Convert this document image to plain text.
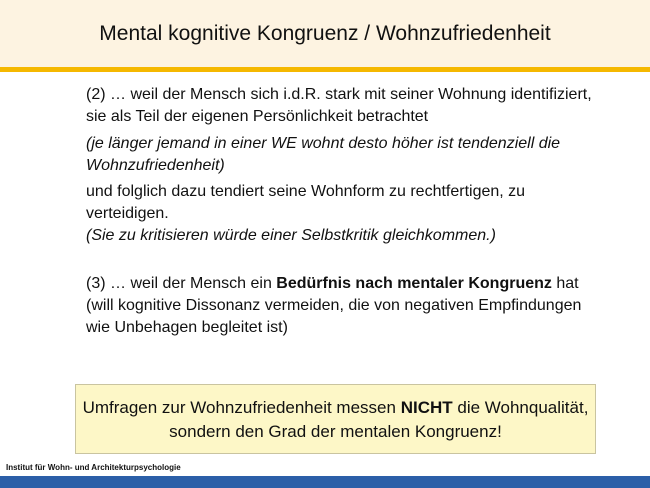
Mental kognitive Kongruenz / Wohnzufriedenheit

(2) … weil der Mensch sich i.d.R. stark mit seiner Wohnung identifiziert, sie als Teil der eigenen Persönlichkeit betrachtet

(je länger jemand in einer WE wohnt desto höher ist tendenziell die Wohnzufriedenheit)

und folglich dazu tendiert seine Wohnform zu rechtfertigen, zu verteidigen.

(Sie zu kritisieren würde einer Selbstkritik gleichkommen.)

(3) … weil der Mensch ein Bedürfnis nach mentaler Kongruenz hat (will kognitive Dissonanz vermeiden, die von negativen Empfindungen wie Unbehagen begleitet ist)

Umfragen zur Wohnzufriedenheit messen NICHT die Wohnqualität, sondern den Grad der mentalen Kongruenz!
Institut für Wohn- und Architekturpsychologie
